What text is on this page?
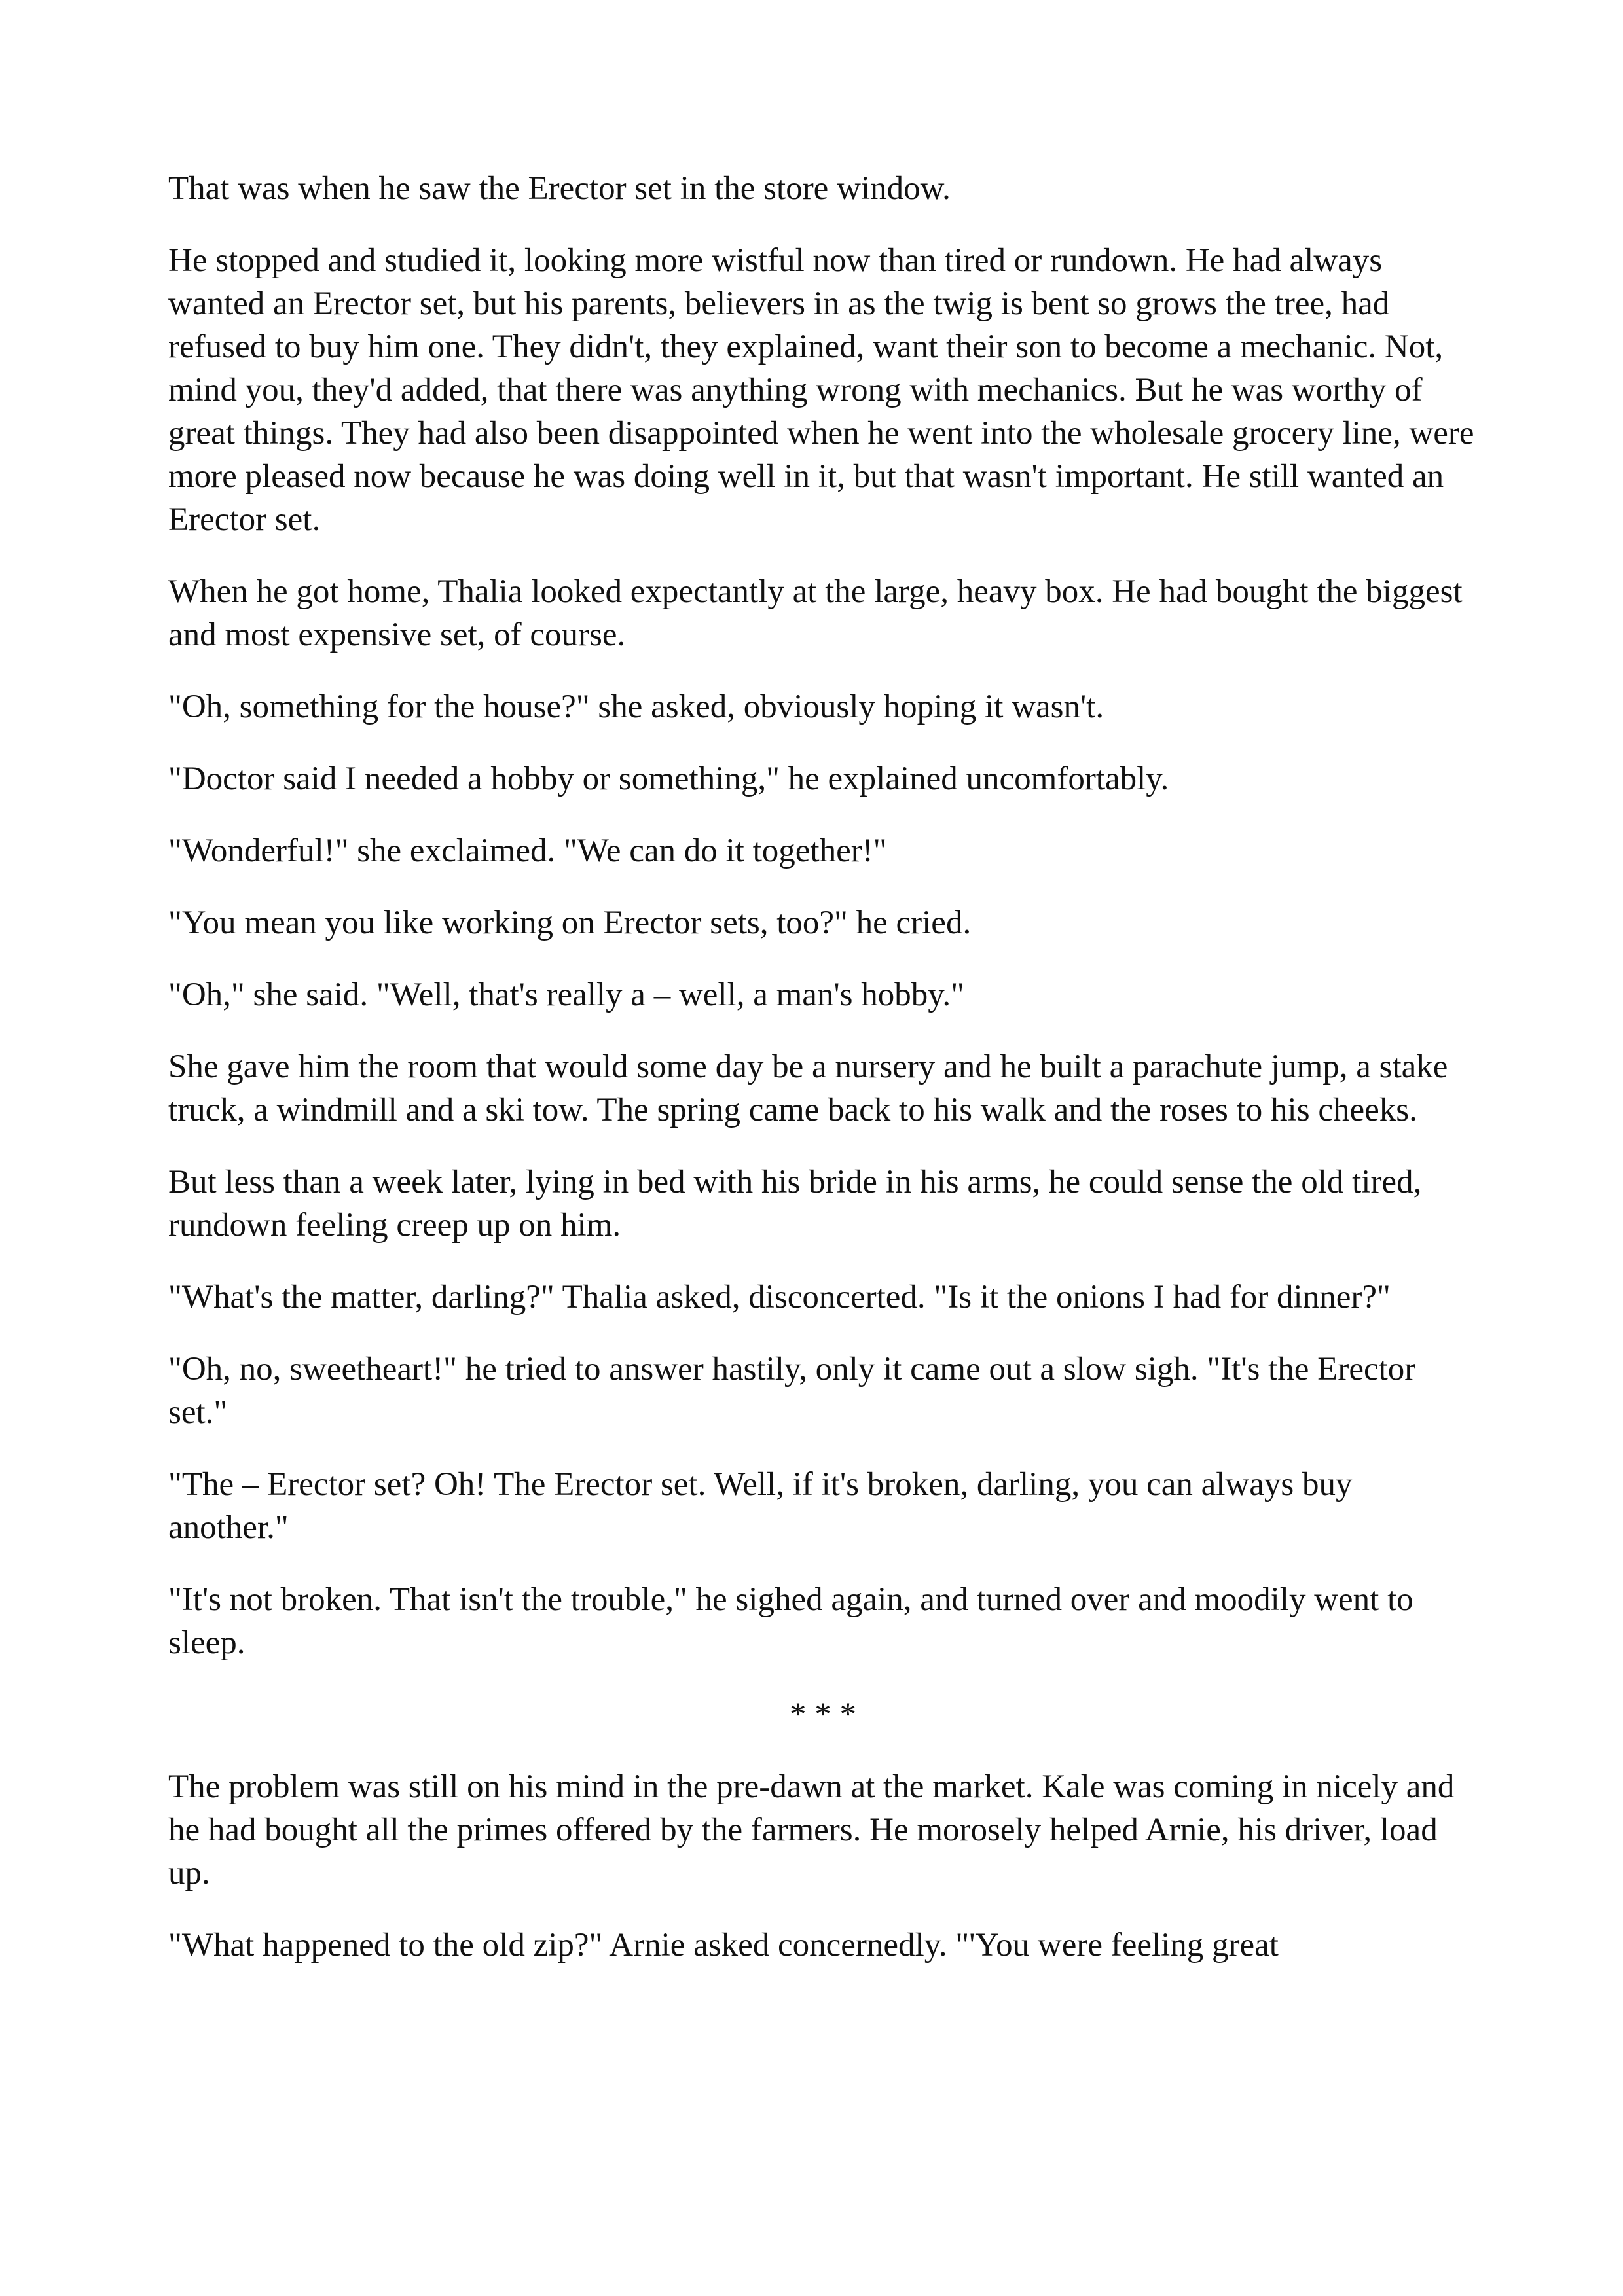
That was when he saw the Erector set in the store window.

He stopped and studied it, looking more wistful now than tired or rundown. He had always wanted an Erector set, but his parents, believers in as the twig is bent so grows the tree, had refused to buy him one. They didn't, they explained, want their son to become a mechanic. Not, mind you, they'd added, that there was anything wrong with mechanics. But he was worthy of great things. They had also been disappointed when he went into the wholesale grocery line, were more pleased now because he was doing well in it, but that wasn't important. He still wanted an Erector set.

When he got home, Thalia looked expectantly at the large, heavy box. He had bought the biggest and most expensive set, of course.

"Oh, something for the house?" she asked, obviously hoping it wasn't.

"Doctor said I needed a hobby or something," he explained uncomfortably.

"Wonderful!" she exclaimed. "We can do it together!"

"You mean you like working on Erector sets, too?" he cried.

"Oh," she said. "Well, that's really a – well, a man's hobby."

She gave him the room that would some day be a nursery and he built a parachute jump, a stake truck, a windmill and a ski tow. The spring came back to his walk and the roses to his cheeks.

But less than a week later, lying in bed with his bride in his arms, he could sense the old tired, rundown feeling creep up on him.

"What's the matter, darling?" Thalia asked, disconcerted. "Is it the onions I had for dinner?"

"Oh, no, sweetheart!" he tried to answer hastily, only it came out a slow sigh. "It's the Erector set."

"The – Erector set? Oh! The Erector set. Well, if it's broken, darling, you can always buy another."

"It's not broken. That isn't the trouble," he sighed again, and turned over and moodily went to sleep.

* * *

The problem was still on his mind in the pre-dawn at the market. Kale was coming in nicely and he had bought all the primes offered by the farmers. He morosely helped Arnie, his driver, load up.

"What happened to the old zip?" Arnie asked concernedly. "'You were feeling great
